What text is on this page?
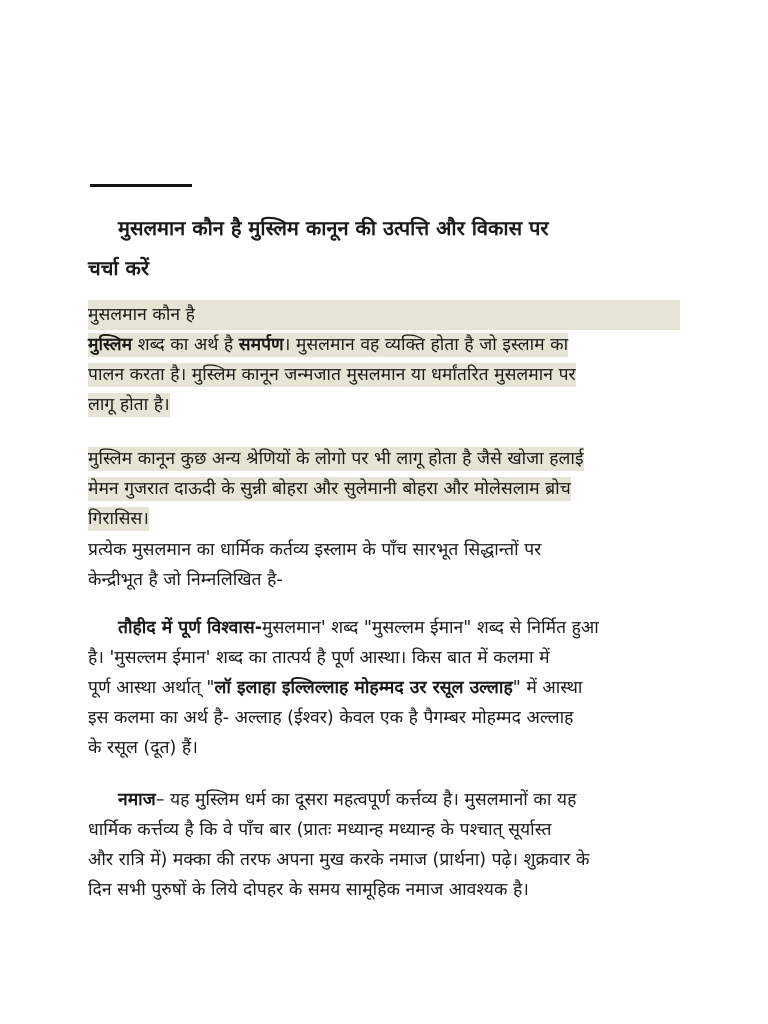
मुसलमान कौन है मुस्लिम कानून की उत्पत्ति और विकास पर
चर्चा करें
मुसलमान कौन है
मुस्लिम शब्द का अर्थ है समर्पण। मुसलमान वह व्यक्ति होता है जो इस्लाम का
पालन करता है। मुस्लिम कानून जन्मजात मुसलमान या धर्मांतरित मुसलमान पर
लागू होता है।
मुस्लिम कानून कुछ अन्य श्रेणियों के लोगो पर भी लागू होता है जैसे खोजा हलाई
मेमन गुजरात दाऊदी के सुन्नी बोहरा और सुलेमानी बोहरा और मोलेसलाम ब्रोच
गिरासिस।
प्रत्येक मुसलमान का धार्मिक कर्तव्य इस्लाम के पाँच सारभूत सिद्धान्तों पर
केन्द्रीभूत है जो निम्नलिखित है-
तौहीद में पूर्ण विश्वास-मुसलमान' शब्द "मुसल्लम ईमान" शब्द से निर्मित हुआ
है। 'मुसल्लम ईमान' शब्द का तात्पर्य है पूर्ण आस्था। किस बात में कलमा में
पूर्ण आस्था अर्थात् "लॉ इलाहा इल्लिल्लाह मोहम्मद उर रसूल उल्लाह" में आस्था
इस कलमा का अर्थ है- अल्लाह (ईश्वर) केवल एक है पैगम्बर मोहम्मद अल्लाह
के रसूल (दूत) हैं।
नमाज– यह मुस्लिम धर्म का दूसरा महत्वपूर्ण कर्त्तव्य है। मुसलमानों का यह
धार्मिक कर्त्तव्य है कि वे पाँच बार (प्रातः मध्यान्ह मध्यान्ह के पश्चात् सूर्यास्त
और रात्रि में) मक्का की तरफ अपना मुख करके नमाज (प्रार्थना) पढ़े। शुक्रवार के
दिन सभी पुरुषों के लिये दोपहर के समय सामूहिक नमाज आवश्यक है।
